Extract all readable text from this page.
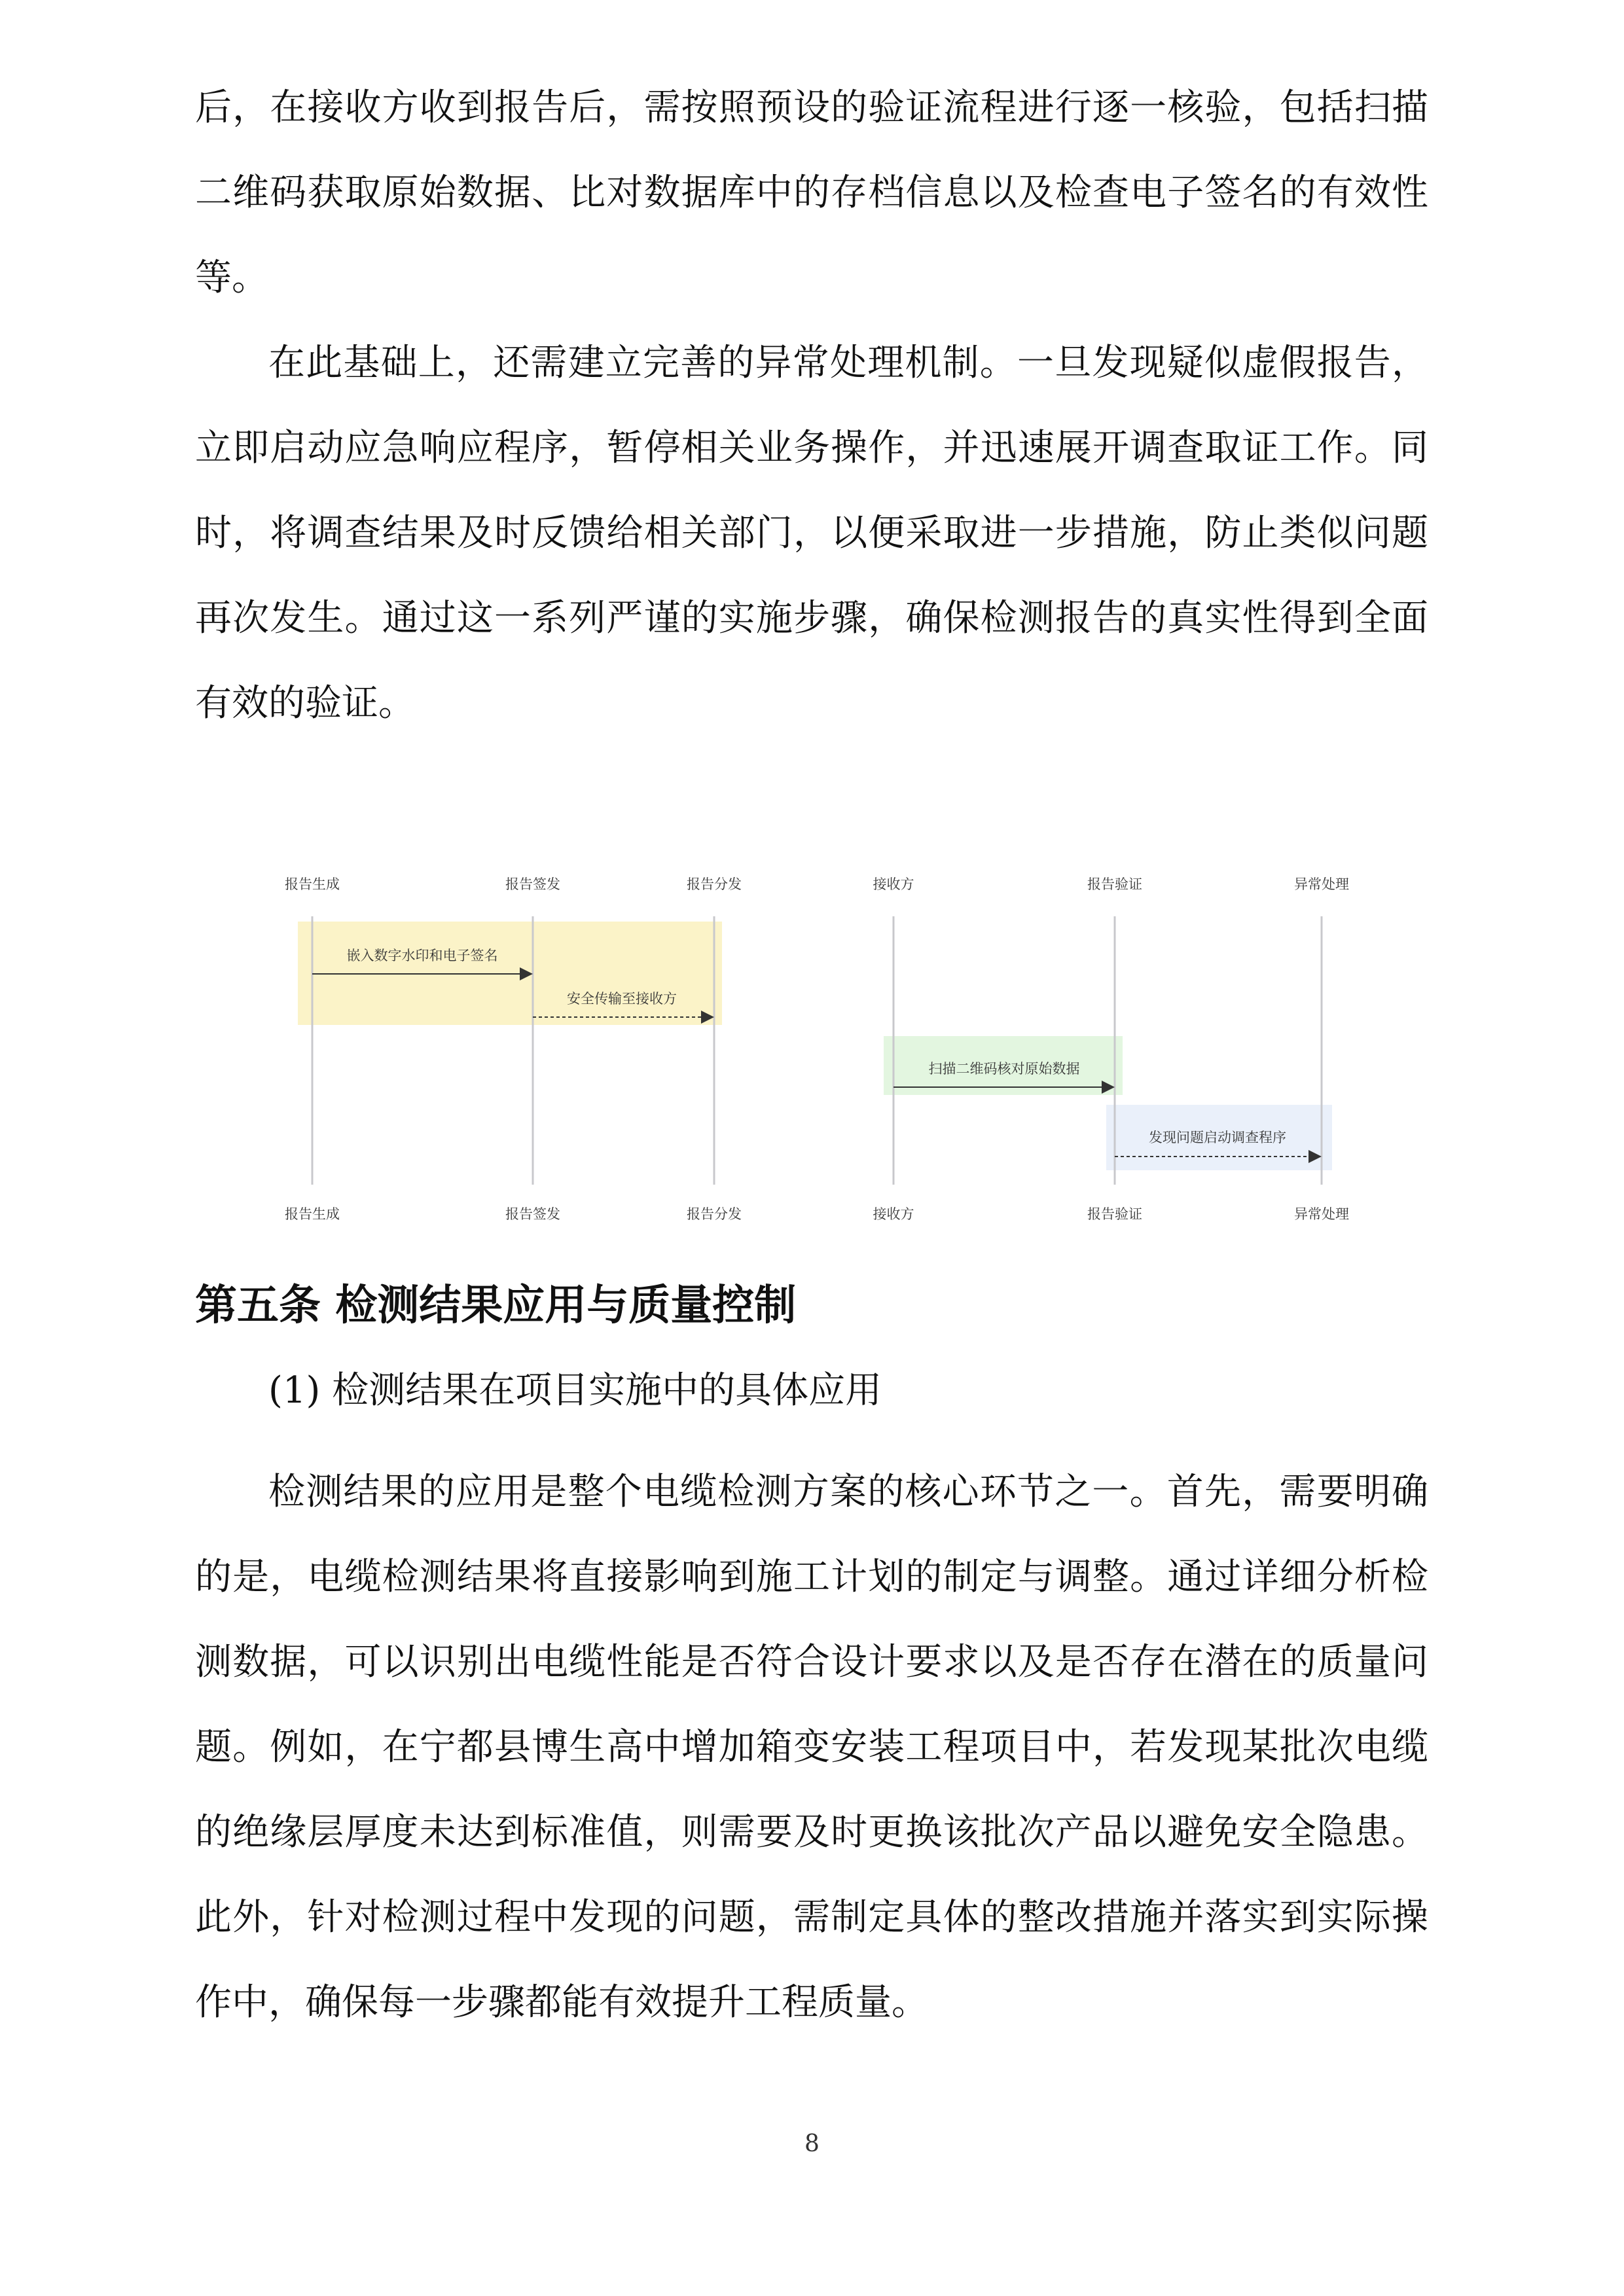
后，在接收方收到报告后，需按照预设的验证流程进行逐一核验，包括扫描二维码获取原始数据、比对数据库中的存档信息以及检查电子签名的有效性等。

在此基础上，还需建立完善的异常处理机制。一旦发现疑似虚假报告，立即启动应急响应程序，暂停相关业务操作，并迅速展开调查取证工作。同时，将调查结果及时反馈给相关部门，以便采取进一步措施，防止类似问题再次发生。通过这一系列严谨的实施步骤，确保检测报告的真实性得到全面有效的验证。

报告生成	报告签发	报告分发	接收方	报告验证	异常处理
报告生成	报告签发	报告分发	接收方	报告验证	异常处理
嵌入数字水印和电子签名
安全传输至接收方
扫描二维码核对原始数据
发现问题启动调查程序
第五条 检测结果应用与质量控制

(1) 检测结果在项目实施中的具体应用

检测结果的应用是整个电缆检测方案的核心环节之一。首先，需要明确的是，电缆检测结果将直接影响到施工计划的制定与调整。通过详细分析检测数据，可以识别出电缆性能是否符合设计要求以及是否存在潜在的质量问题。例如，在宁都县博生高中增加箱变安装工程项目中，若发现某批次电缆的绝缘层厚度未达到标准值，则需要及时更换该批次产品以避免安全隐患。此外，针对检测过程中发现的问题，需制定具体的整改措施并落实到实际操作中，确保每一步骤都能有效提升工程质量。

8
